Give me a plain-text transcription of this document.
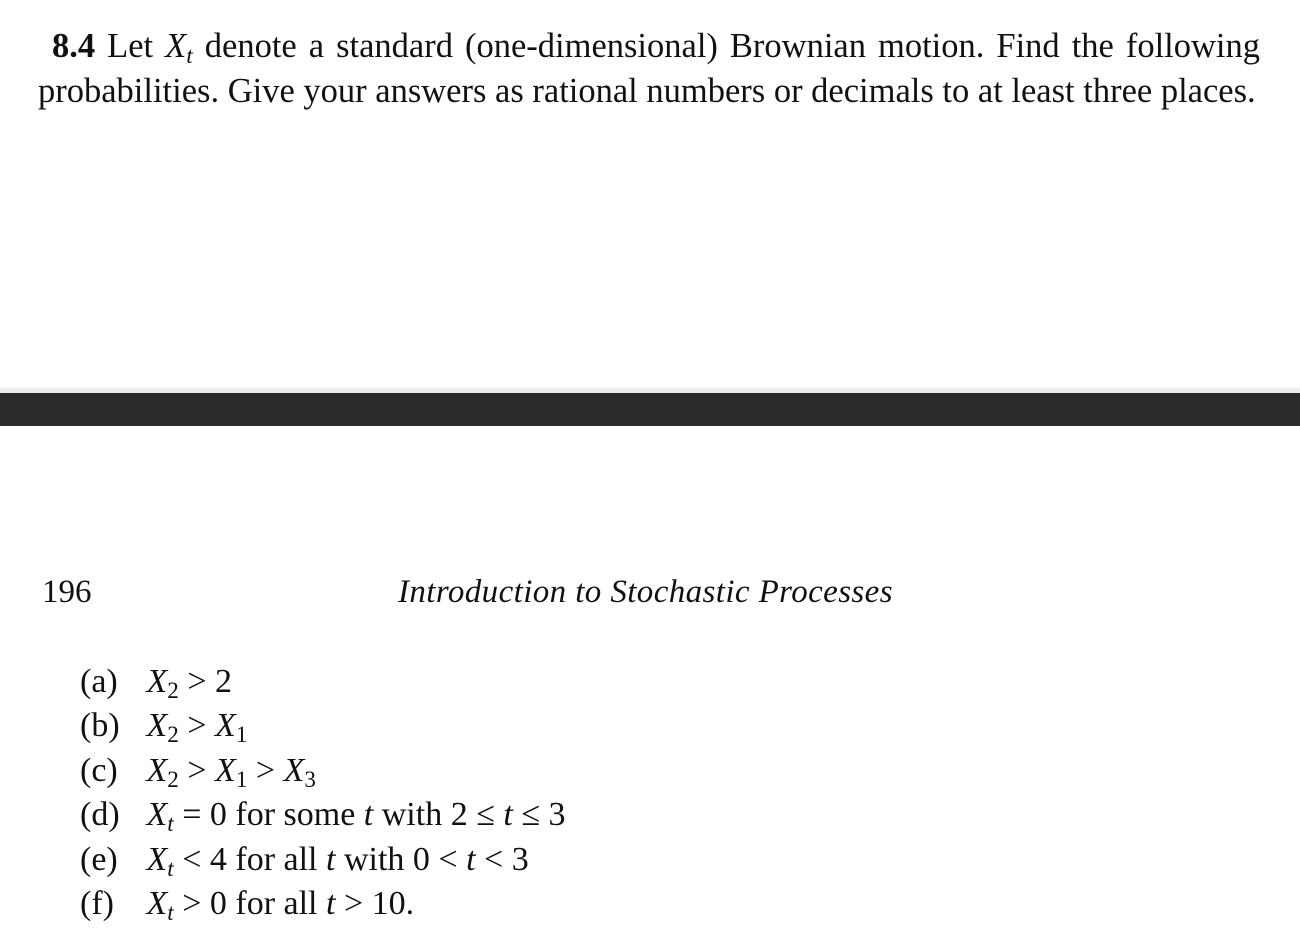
8.4 Let $X_t$ denote a standard (one-dimensional) Brownian motion. Find the following probabilities. Give your answers as rational numbers or decimals to at least three places.
196	Introduction to Stochastic Processes
(a) $X_2 > 2$
(b) $X_2 > X_1$
(c) $X_2 > X_1 > X_3$
(d) $X_t = 0$ for some t with 2 ≤ t ≤ 3
(e) $X_t < 4$ for all t with 0 < t < 3
(f) $X_t > 0$ for all t > 10.
